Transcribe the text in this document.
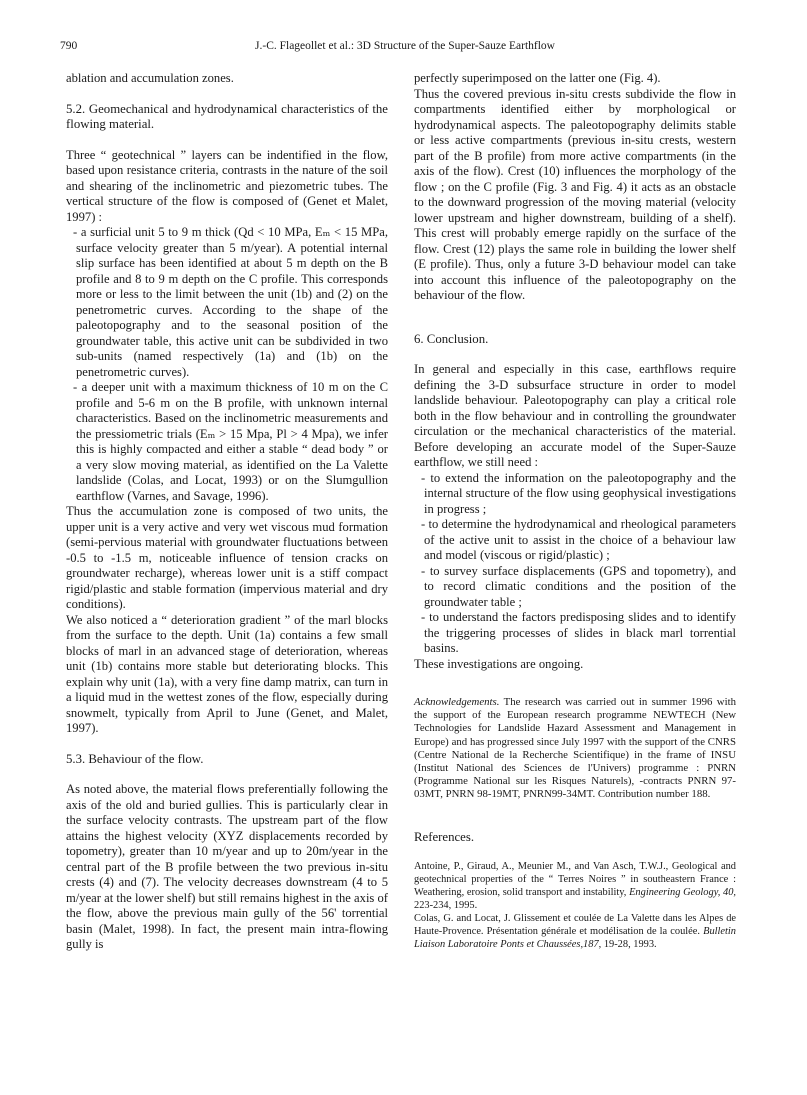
790	J.-C. Flageollet et al.: 3D Structure of the Super-Sauze Earthflow

ablation and accumulation zones.

5.2. Geomechanical and hydrodynamical characteristics of the flowing material.

Three “ geotechnical ” layers can be indentified in the flow, based upon resistance criteria, contrasts in the nature of the soil and shearing of the inclinometric and piezometric tubes. The vertical structure of the flow is composed of (Genet et Malet, 1997) :

- a surficial unit 5 to 9 m thick (Qd < 10 MPa, Eₘ < 15 MPa, surface velocity greater than 5 m/year). A potential internal slip surface has been identified at about 5 m depth on the B profile and 8 to 9 m depth on the C profile. This corresponds more or less to the limit between the unit (1b) and (2) on the penetrometric curves. According to the shape of the paleotopography and to the seasonal position of the groundwater table, this active unit can be subdivided in two sub-units (named respectively (1a) and (1b) on the penetrometric curves).

- a deeper unit with a maximum thickness of 10 m on the C profile and 5-6 m on the B profile, with unknown internal characteristics. Based on the inclinometric measurements and the pressiometric trials (Eₘ > 15 Mpa, Pl > 4 Mpa), we infer this is highly compacted and either a stable “ dead body ” or a very slow moving material, as identified on the La Valette landslide (Colas, and Locat, 1993) or on the Slumgullion earthflow (Varnes, and Savage, 1996).

Thus the accumulation zone is composed of two units, the upper unit is a very active and very wet viscous mud formation (semi-pervious material with groundwater fluctuations between -0.5 to -1.5 m, noticeable influence of tension cracks on groundwater recharge), whereas lower unit is a stiff compact rigid/plastic and stable formation (impervious material and dry conditions).

We also noticed a “ deterioration gradient ” of the marl blocks from the surface to the depth. Unit (1a) contains a few small blocks of marl in an advanced stage of deterioration, whereas unit (1b) contains more stable but deteriorating blocks. This explain why unit (1a), with a very fine damp matrix, can turn in a liquid mud in the wettest zones of the flow, especially during snowmelt, typically from April to June (Genet, and Malet, 1997).

5.3. Behaviour of the flow.

As noted above, the material flows preferentially following the axis of the old and buried gullies. This is particularly clear in the surface velocity contrasts. The upstream part of the flow attains the highest velocity (XYZ displacements recorded by topometry), greater than 10 m/year and up to 20m/year in the central part of the B profile between the two previous in-situ crests (4) and (7). The velocity decreases downstream (4 to 5 m/year at the lower shelf) but still remains highest in the axis of the flow, above the previous main gully of the 56' torrential basin (Malet, 1998). In fact, the present main intra-flowing gully is

perfectly superimposed on the latter one (Fig. 4).

Thus the covered previous in-situ crests subdivide the flow in compartments identified either by morphological or hydrodynamical aspects. The paleotopography delimits stable or less active compartments (previous in-situ crests, western part of the B profile) from more active compartments (in the axis of the flow). Crest (10) influences the morphology of the flow ; on the C profile (Fig. 3 and Fig. 4) it acts as an obstacle to the downward progression of the moving material (velocity lower upstream and higher downstream, building of a shelf). This crest will probably emerge rapidly on the surface of the flow. Crest (12) plays the same role in building the lower shelf (E profile). Thus, only a future 3-D behaviour model can take into account this influence of the paleotopography on the behaviour of the flow.

6. Conclusion.

In general and especially in this case, earthflows require defining the 3-D subsurface structure in order to model landslide behaviour. Paleotopography can play a critical role both in the flow behaviour and in controlling the groundwater circulation or the mechanical characteristics of the material. Before developing an accurate model of the Super-Sauze earthflow, we still need :

- to extend the information on the paleotopography and the internal structure of the flow using geophysical investigations in progress ;

- to determine the hydrodynamical and rheological parameters of the active unit to assist in the choice of a behaviour law and model (viscous or rigid/plastic) ;

- to survey surface displacements (GPS and topometry), and to record climatic conditions and the position of the groundwater table ;

- to understand the factors predisposing slides and to identify the triggering processes of slides in black marl torrential basins.

These investigations are ongoing.

Acknowledgements. The research was carried out in summer 1996 with the support of the European research programme NEWTECH (New Technologies for Landslide Hazard Assessment and Management in Europe) and has progressed since July 1997 with the support of the CNRS (Centre National de la Recherche Scientifique) in the frame of INSU (Institut National des Sciences de l'Univers) programme : PNRN (Programme National sur les Risques Naturels), -contracts PNRN 97-03MT, PNRN 98-19MT, PNRN99-34MT. Contribution number 188.

References.

Antoine, P., Giraud, A., Meunier M., and Van Asch, T.W.J., Geological and geotechnical properties of the “ Terres Noires ” in southeastern France : Weathering, erosion, solid transport and instability, Engineering Geology, 40, 223-234, 1995.

Colas, G. and Locat, J. Glissement et coulée de La Valette dans les Alpes de Haute-Provence. Présentation générale et modélisation de la coulée. Bulletin Liaison Laboratoire Ponts et Chaussées,187, 19-28, 1993.
